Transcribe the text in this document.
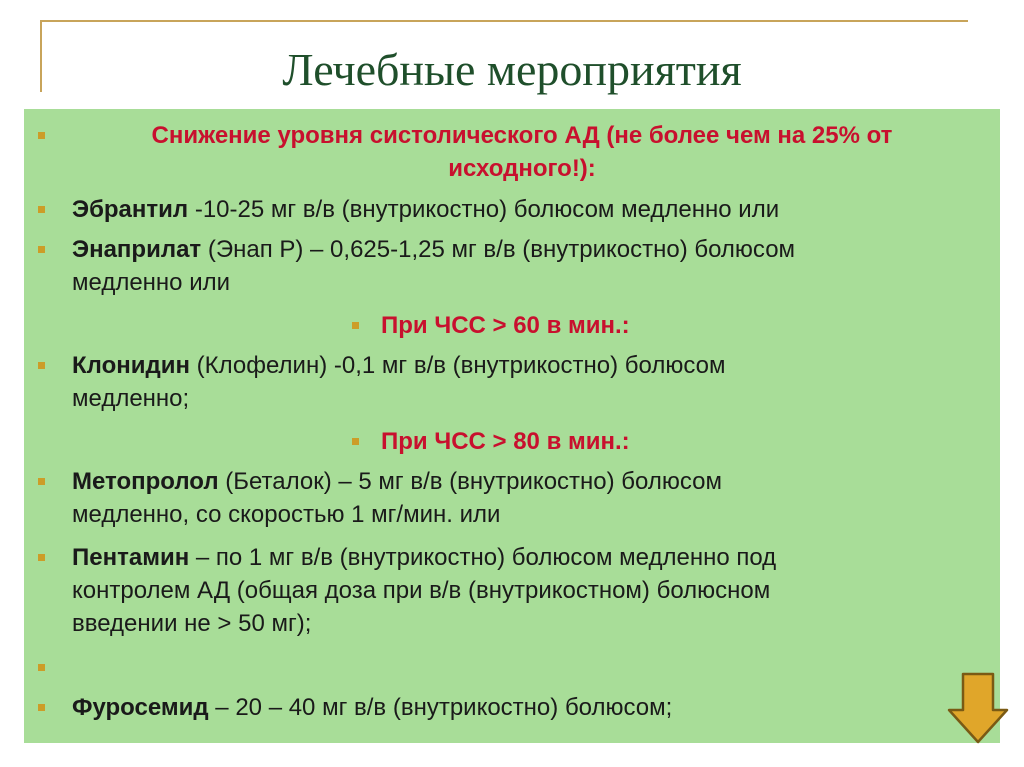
Лечебные мероприятия
Снижение уровня систолического АД (не более чем на 25% от
исходного!):
Эбрантил -10-25 мг в/в (внутрикостно) болюсом медленно или
Энаприлат (Энап Р) – 0,625-1,25 мг в/в (внутрикостно) болюсом
медленно или
При ЧСС > 60 в мин.:
Клонидин (Клофелин) -0,1 мг в/в (внутрикостно) болюсом
медленно;
При ЧСС > 80 в мин.:
Метопролол (Беталок) – 5 мг в/в (внутрикостно) болюсом
медленно, со скоростью 1 мг/мин. или
Пентамин – по 1 мг в/в (внутрикостно) болюсом медленно под
контролем АД (общая доза при в/в (внутрикостном) болюсном
введении не > 50 мг);
Фуросемид – 20 – 40 мг в/в (внутрикостно) болюсом;
